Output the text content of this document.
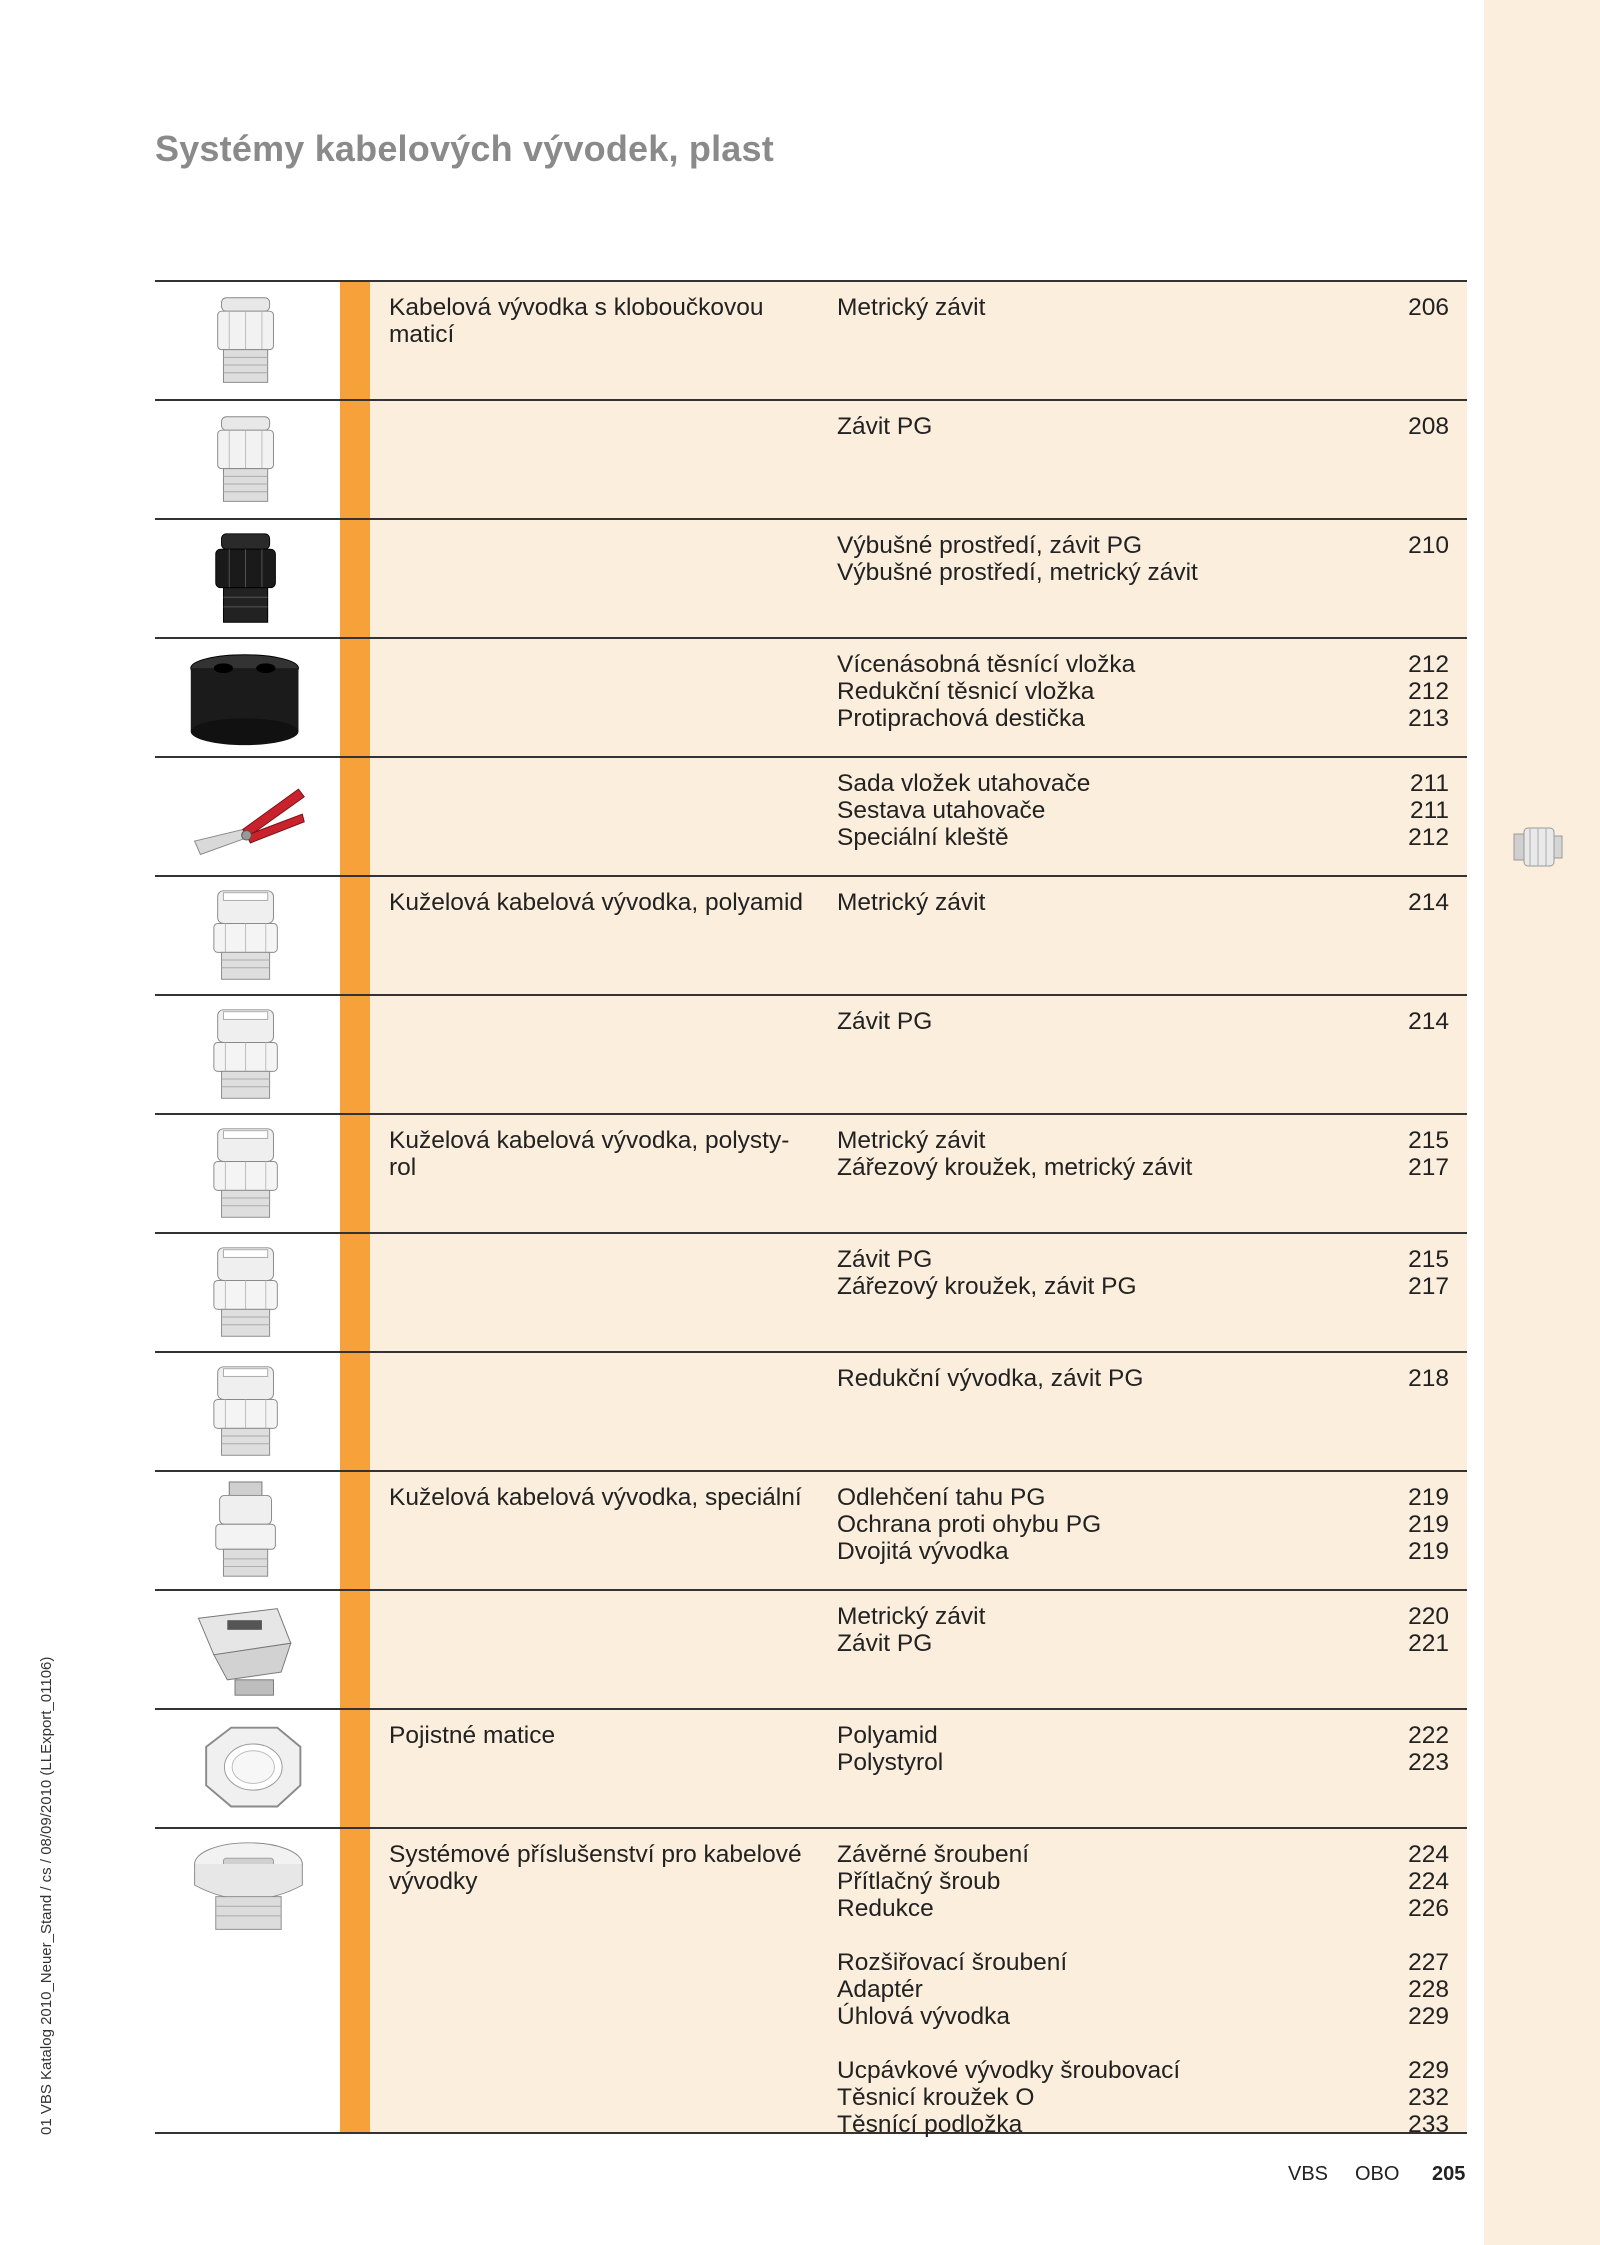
Systémy kabelových vývodek, plast
Kabelová vývodka s kloboučkovou maticí
Metrický závit	206
Závit PG	208
Výbušné prostředí, závit PG	210
Výbušné prostředí, metrický závit
Vícenásobná těsnící vložka	212
Redukční těsnicí vložka	212
Protiprachová destička	213
Sada vložek utahovače	211
Sestava utahovače	211
Speciální kleště	212
Kuželová kabelová vývodka, polyamid	Metrický závit	214
Závit PG	214
Kuželová kabelová vývodka, polysty-
rol
Metrický závit	215
Zářezový kroužek, metrický závit	217
Závit PG	215
Zářezový kroužek, závit PG	217
Redukční vývodka, závit PG	218
Kuželová kabelová vývodka, speciální	Odlehčení tahu PG	219
Ochrana proti ohybu PG	219
Dvojitá vývodka	219
Metrický závit	220
Závit PG	221
Pojistné matice	Polyamid	222
Polystyrol	223
Systémové příslušenství pro kabelové vývodky
Závěrné šroubení	224
Přítlačný šroub	224
Redukce	226
Rozšiřovací šroubení	227
Adaptér	228
Úhlová vývodka	229
Ucpávkové vývodky šroubovací	229
Těsnicí kroužek O	232
Těsnící podložka	233
01 VBS Katalog 2010_Neuer_Stand / cs / 08/09/2010 (LLExport_01106)
VBS OBO 205
